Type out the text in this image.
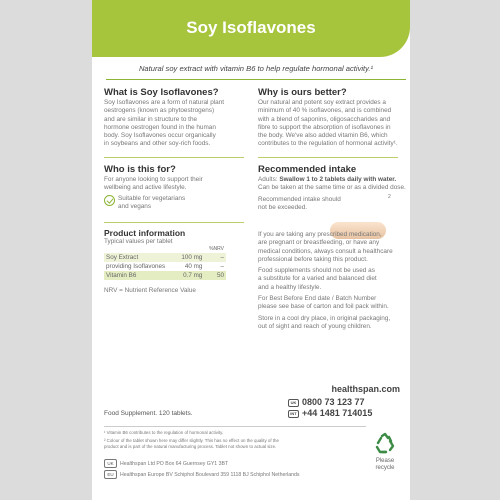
Soy Isoflavones
Natural soy extract with vitamin B6 to help regulate hormonal activity.¹
What is Soy Isoflavones?
Soy Isoflavones are a form of natural plant
oestrogens (known as phytoestrogens)
and are similar in structure to the
hormone oestrogen found in the human
body. Soy Isoflavones occur organically
in soybeans and other soy-rich foods.
Why is ours better?
Our natural and potent soy extract provides a
minimum of 40 % isoflavones, and is combined
with a blend of saponins, oligosaccharides and
fibre to support the absorption of isoflavones in
the body. We've also added vitamin B6, which
contributes to the regulation of hormonal activity¹.
Who is this for?
For anyone looking to support their
wellbeing and active lifestyle.
Suitable for vegetarians
and vegans
Recommended intake
Adults: Swallow 1 to 2 tablets daily with water.
Can be taken at the same time or as a divided dose.
Recommended intake should
not be exceeded.
2
Product information
Typical values per tablet
		%NRV
Soy Extract	100 mg	–
providing Isoflavones	40 mg	–
Vitamin B6	0.7 mg	50
NRV = Nutrient Reference Value
If you are taking any prescribed medication,
are pregnant or breastfeeding, or have any
medical conditions, always consult a healthcare
professional before taking this product.
Food supplements should not be used as
a substitute for a varied and balanced diet
and a healthy lifestyle.
For Best Before End date / Batch Number
please see base of carton and foil pack within.
Store in a cool dry place, in original packaging,
out of sight and reach of young children.
healthspan.com
UK 0800 73 123 77
INT +44 1481 714015
Food Supplement. 120 tablets.
¹ Vitamin B6 contributes to the regulation of hormonal activity.
² Colour of the tablet shown here may differ slightly. This has no effect on the quality of the
product and is part of the natural manufacturing process. Tablet not shown to actual size.
UK Healthspan Ltd PO Box 64 Guernsey GY1 3BT
EU Healthspan Europe BV Schiphol Boulevard 359 1118 BJ Schiphol Netherlands
Please
recycle
